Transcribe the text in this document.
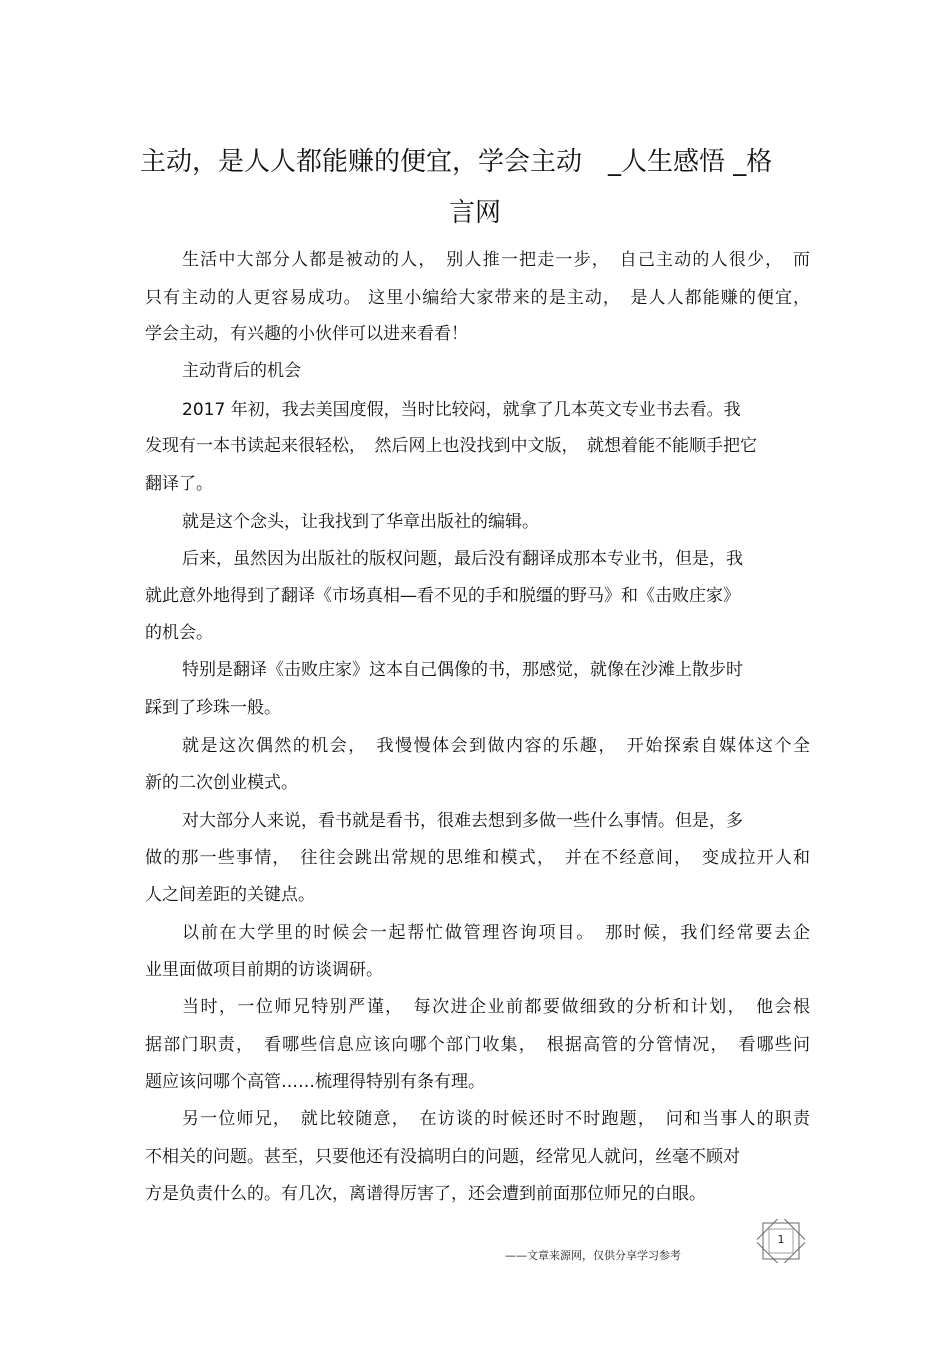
主动，是人人都能赚的便宜，学会主动　_人生感悟 _格
言网
生活中大部分人都是被动的人，　别人推一把走一步，　自己主动的人很少，　而
只有主动的人更容易成功。 这里小编给大家带来的是主动，　是人人都能赚的便宜，
学会主动，有兴趣的小伙伴可以进来看看！
主动背后的机会
2017 年初，我去美国度假，当时比较闷，就拿了几本英文专业书去看。我
发现有一本书读起来很轻松，　然后网上也没找到中文版，　就想着能不能顺手把它
翻译了。
就是这个念头，让我找到了华章出版社的编辑。
后来，虽然因为出版社的版权问题，最后没有翻译成那本专业书，但是，我
就此意外地得到了翻译《市场真相—看不见的手和脱缰的野马》和《击败庄家》
的机会。
特别是翻译《击败庄家》这本自己偶像的书，那感觉，就像在沙滩上散步时
踩到了珍珠一般。
就是这次偶然的机会，　我慢慢体会到做内容的乐趣，　开始探索自媒体这个全
新的二次创业模式。
对大部分人来说，看书就是看书，很难去想到多做一些什么事情。但是，多
做的那一些事情，　往往会跳出常规的思维和模式，　并在不经意间，　变成拉开人和
人之间差距的关键点。
以前在大学里的时候会一起帮忙做管理咨询项目。　那时候，我们经常要去企
业里面做项目前期的访谈调研。
当时，一位师兄特别严谨，　每次进企业前都要做细致的分析和计划，　他会根
据部门职责，　看哪些信息应该向哪个部门收集，　根据高管的分管情况，　看哪些问
题应该问哪个高管……梳理得特别有条有理。
另一位师兄，　就比较随意，　在访谈的时候还时不时跑题，　问和当事人的职责
不相关的问题。甚至，只要他还有没搞明白的问题，经常见人就问，丝毫不顾对
方是负责什么的。有几次，离谱得厉害了，还会遭到前面那位师兄的白眼。
——文章来源网，仅供分享学习参考
1
